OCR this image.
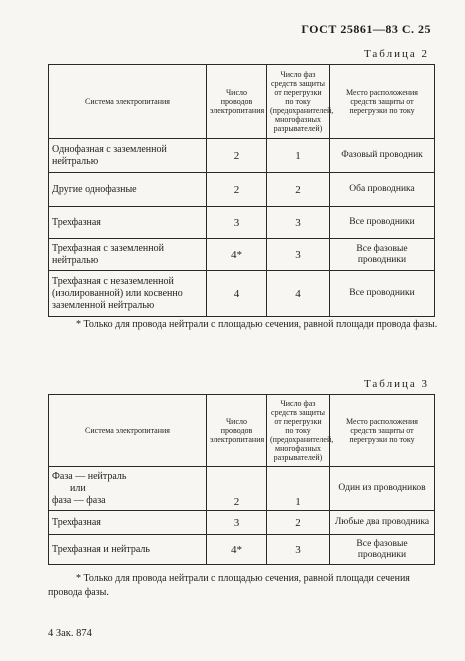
ГОСТ 25861—83 С. 25
Таблица 2
Система электропитания	Число проводов электропитания	Число фаз средств защиты от перегрузки по току (предохранителей, многофазных разрывателей)	Место расположения средств защиты от перегрузки по току
Однофазная с заземленной нейтралью	2	1	Фазовый проводник
Другие однофазные	2	2	Оба проводника
Трехфазная	3	3	Все проводники
Трехфазная с заземленной нейтралью	4*	3	Все фазовые проводники
Трехфазная с незаземленной (изолированной) или косвенно заземленной нейтралью	4	4	Все проводники
* Только для провода нейтрали с площадью сечения, равной площади провода фазы.
Таблица 3
Система электропитания	Число проводов электропитания	Число фаз средств защиты от перегрузки по току (предохранителей, многофазных разрывателей)	Место расположения средств защиты от перегрузки по току

Фаза — нейтраль
или
фаза — фаза	2	1	Один из проводников
Трехфазная	3	2	Любые два проводника
Трехфазная и нейтраль	4*	3	Все фазовые проводники
* Только для провода нейтрали с площадью сечения, равной площади сечения провода фазы.
4 Зак. 874
